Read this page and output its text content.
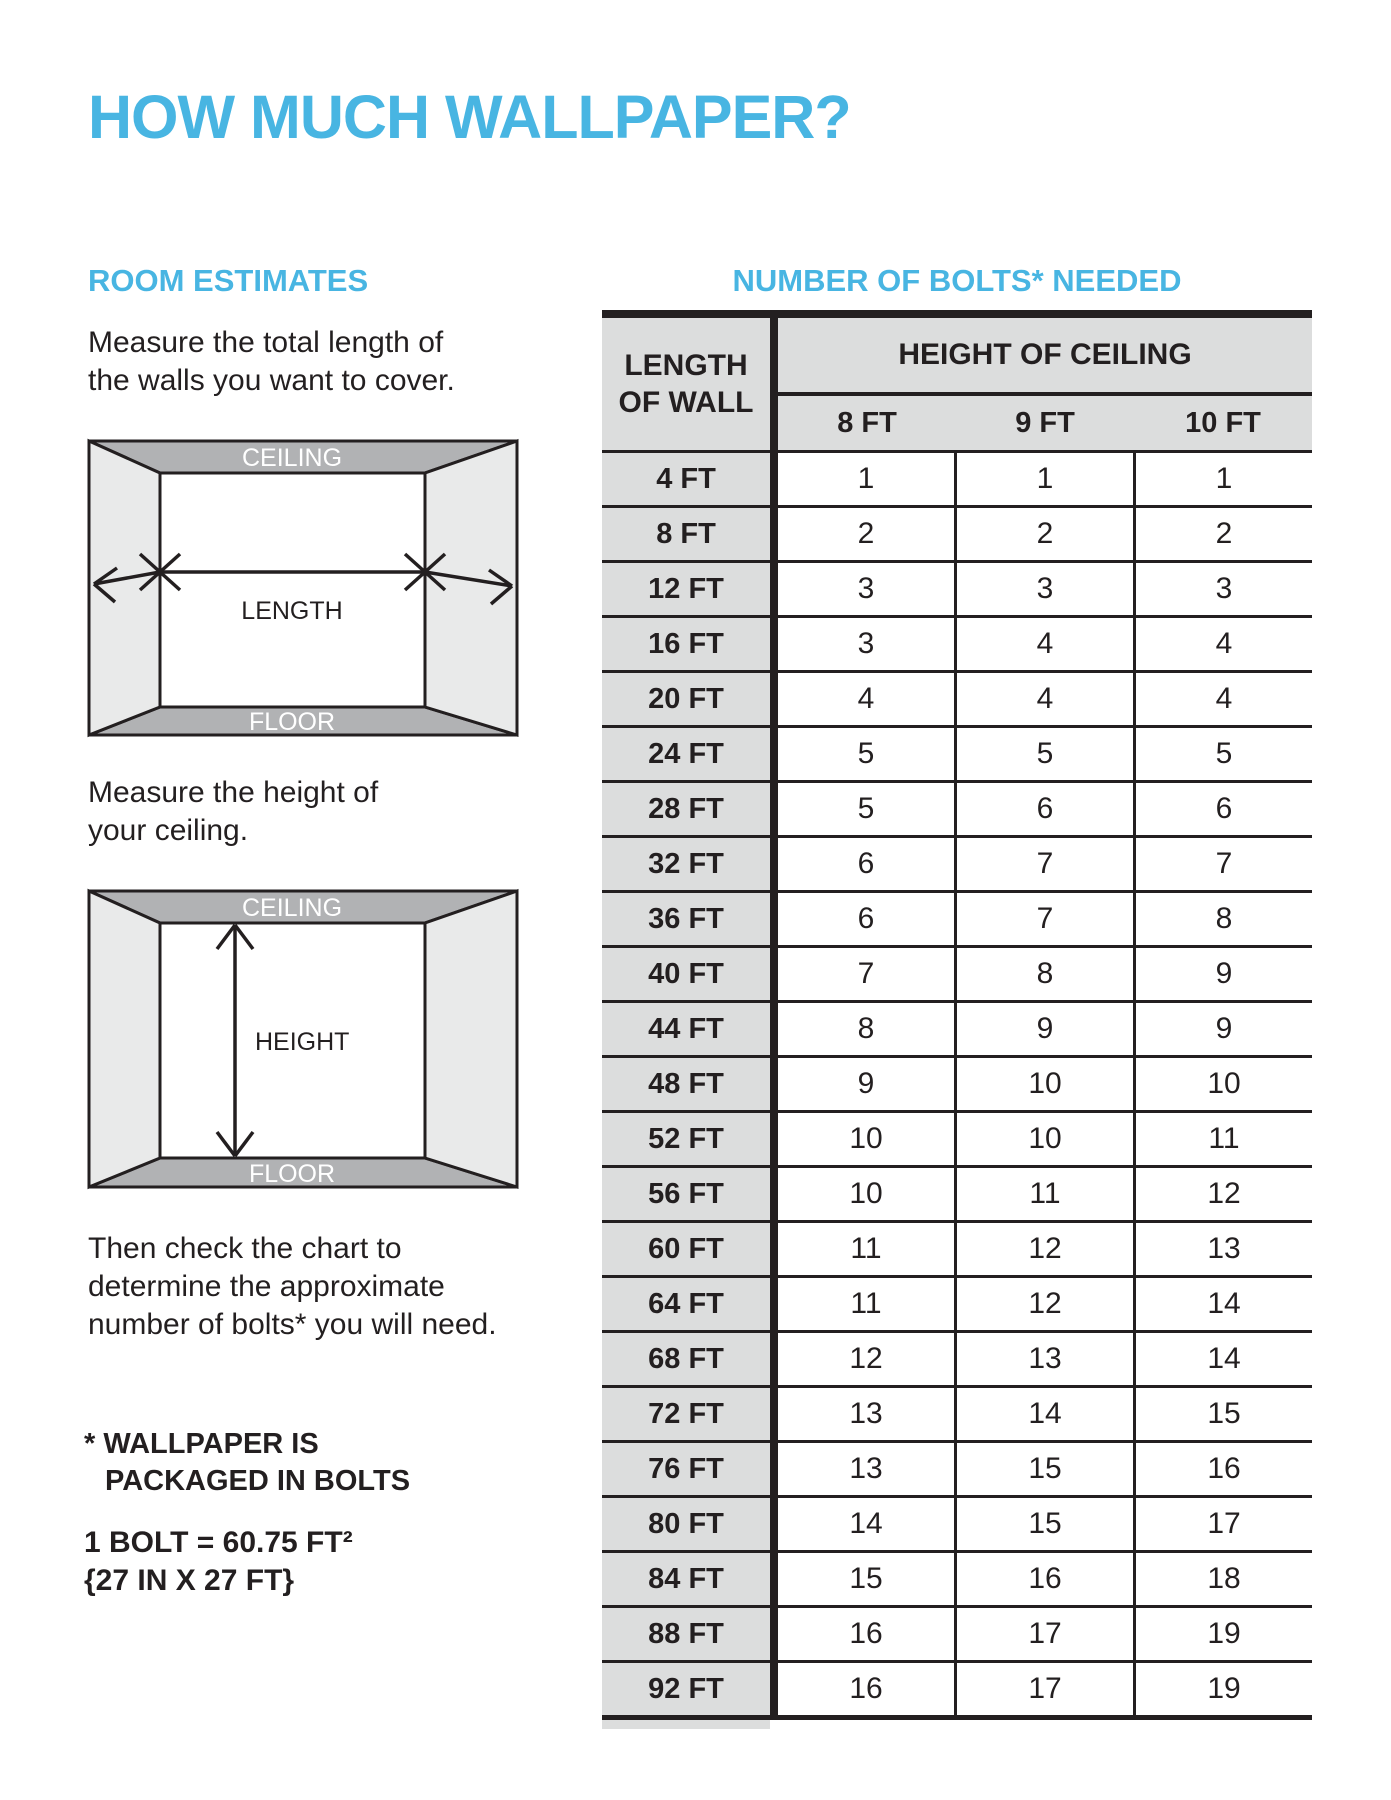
HOW MUCH WALLPAPER?
ROOM ESTIMATES
Measure the total length of
the walls you want to cover.
CEILING
LENGTH
FLOOR
Measure the height of
your ceiling.
CEILING
HEIGHT
FLOOR
Then check the chart to
determine the approximate
number of bolts* you will need.
* WALLPAPER IS
PACKAGED IN BOLTS
1 BOLT = 60.75 FT²
{27 IN X 27 FT}
NUMBER OF BOLTS* NEEDED
LENGTH
OF WALL
HEIGHT OF CEILING
8 FT	9 FT	10 FT
4 FT	1	1	1
8 FT	2	2	2
12 FT	3	3	3
16 FT	3	4	4
20 FT	4	4	4
24 FT	5	5	5
28 FT	5	6	6
32 FT	6	7	7
36 FT	6	7	8
40 FT	7	8	9
44 FT	8	9	9
48 FT	9	10	10
52 FT	10	10	11
56 FT	10	11	12
60 FT	11	12	13
64 FT	11	12	14
68 FT	12	13	14
72 FT	13	14	15
76 FT	13	15	16
80 FT	14	15	17
84 FT	15	16	18
88 FT	16	17	19
92 FT	16	17	19
